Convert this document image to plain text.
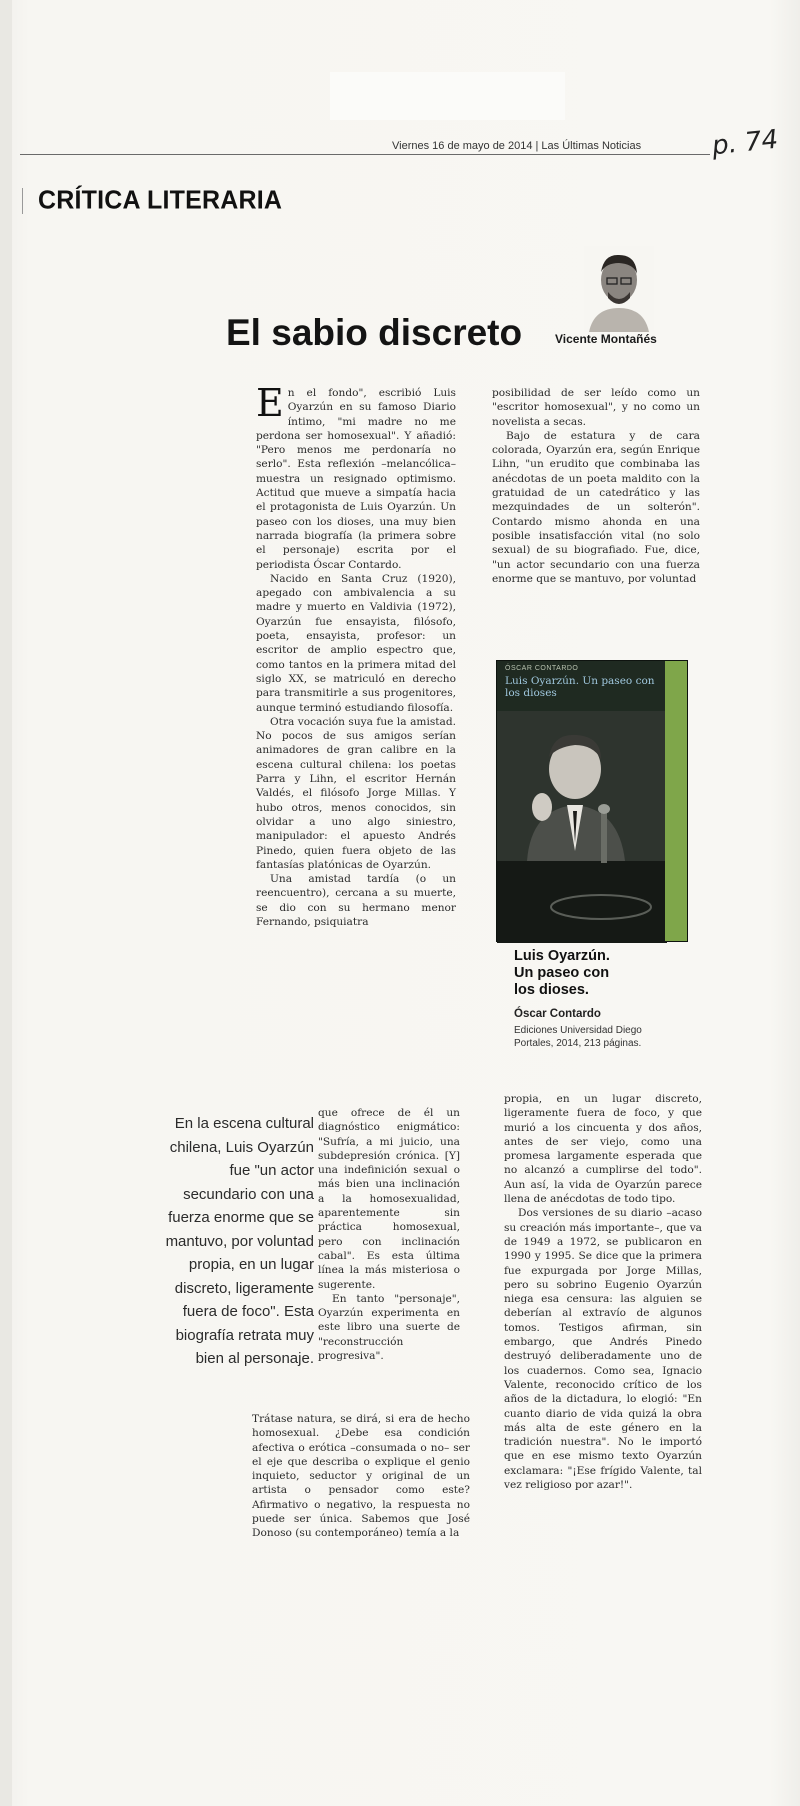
Viernes 16 de mayo de 2014 | Las Últimas Noticias	p. 74
CRÍTICA LITERARIA
El sabio discreto	Vicente Montañés

En el fondo", escribió Luis Oyarzún en su famoso Diario íntimo, "mi madre no me perdona ser homosexual". Y añadió: "Pero menos me perdonaría no serlo". Esta reflexión –melancólica– muestra un resignado optimismo. Actitud que mueve a simpatía hacia el protagonista de Luis Oyarzún. Un paseo con los dioses, una muy bien narrada biografía (la primera sobre el personaje) escrita por el periodista Óscar Contardo.

Nacido en Santa Cruz (1920), apegado con ambivalencia a su madre y muerto en Valdivia (1972), Oyarzún fue ensayista, filósofo, poeta, ensayista, profesor: un escritor de amplio espectro que, como tantos en la primera mitad del siglo XX, se matriculó en derecho para transmitirle a sus progenitores, aunque terminó estudiando filosofía.

Otra vocación suya fue la amistad. No pocos de sus amigos serían animadores de gran calibre en la escena cultural chilena: los poetas Parra y Lihn, el escritor Hernán Valdés, el filósofo Jorge Millas. Y hubo otros, menos conocidos, sin olvidar a uno algo siniestro, manipulador: el apuesto Andrés Pinedo, quien fuera objeto de las fantasías platónicas de Oyarzún.

Una amistad tardía (o un reencuentro), cercana a su muerte, se dio con su hermano menor Fernando, psiquiatra

En la escena cultural chilena, Luis Oyarzún fue "un actor secundario con una fuerza enorme que se mantuvo, por voluntad propia, en un lugar discreto, ligeramente fuera de foco". Esta biografía retrata muy bien al personaje.

que ofrece de él un diagnóstico enigmático: "Sufría, a mi juicio, una subdepresión crónica. [Y] una indefinición sexual o más bien una inclinación a la homosexualidad, aparentemente sin práctica homosexual, pero con inclinación cabal". Es esta última línea la más misteriosa o sugerente.

En tanto "personaje", Oyarzún experimenta en este libro una suerte de "reconstrucción progresiva".

Trátase natura, se dirá, si era de hecho homosexual. ¿Debe esa condición afectiva o erótica –consumada o no– ser el eje que describa o explique el genio inquieto, seductor y original de un artista o pensador como este? Afirmativo o negativo, la respuesta no puede ser única. Sabemos que José Donoso (su contemporáneo) temía a la

posibilidad de ser leído como un "escritor homosexual", y no como un novelista a secas.

Bajo de estatura y de cara colorada, Oyarzún era, según Enrique Lihn, "un erudito que combinaba las anécdotas de un poeta maldito con la gratuidad de un catedrático y las mezquindades de un solterón". Contardo mismo ahonda en una posible insatisfacción vital (no solo sexual) de su biografiado. Fue, dice, "un actor secundario con una fuerza enorme que se mantuvo, por voluntad

ÓSCAR CONTARDO
Luis Oyarzún. Un paseo con los dioses
Luis Oyarzún.
Un paseo con
los dioses.
Óscar Contardo
Ediciones Universidad Diego Portales, 2014, 213 páginas.

propia, en un lugar discreto, ligeramente fuera de foco, y que murió a los cincuenta y dos años, antes de ser viejo, como una promesa largamente esperada que no alcanzó a cumplirse del todo". Aun así, la vida de Oyarzún parece llena de anécdotas de todo tipo.

Dos versiones de su diario –acaso su creación más importante–, que va de 1949 a 1972, se publicaron en 1990 y 1995. Se dice que la primera fue expurgada por Jorge Millas, pero su sobrino Eugenio Oyarzún niega esa censura: las alguien se deberían al extravío de algunos tomos. Testigos afirman, sin embargo, que Andrés Pinedo destruyó deliberadamente uno de los cuadernos. Como sea, Ignacio Valente, reconocido crítico de los años de la dictadura, lo elogió: "En cuanto diario de vida quizá la obra más alta de este género en la tradición nuestra". No le importó que en ese mismo texto Oyarzún exclamara: "¡Ese frígido Valente, tal vez religioso por azar!".
